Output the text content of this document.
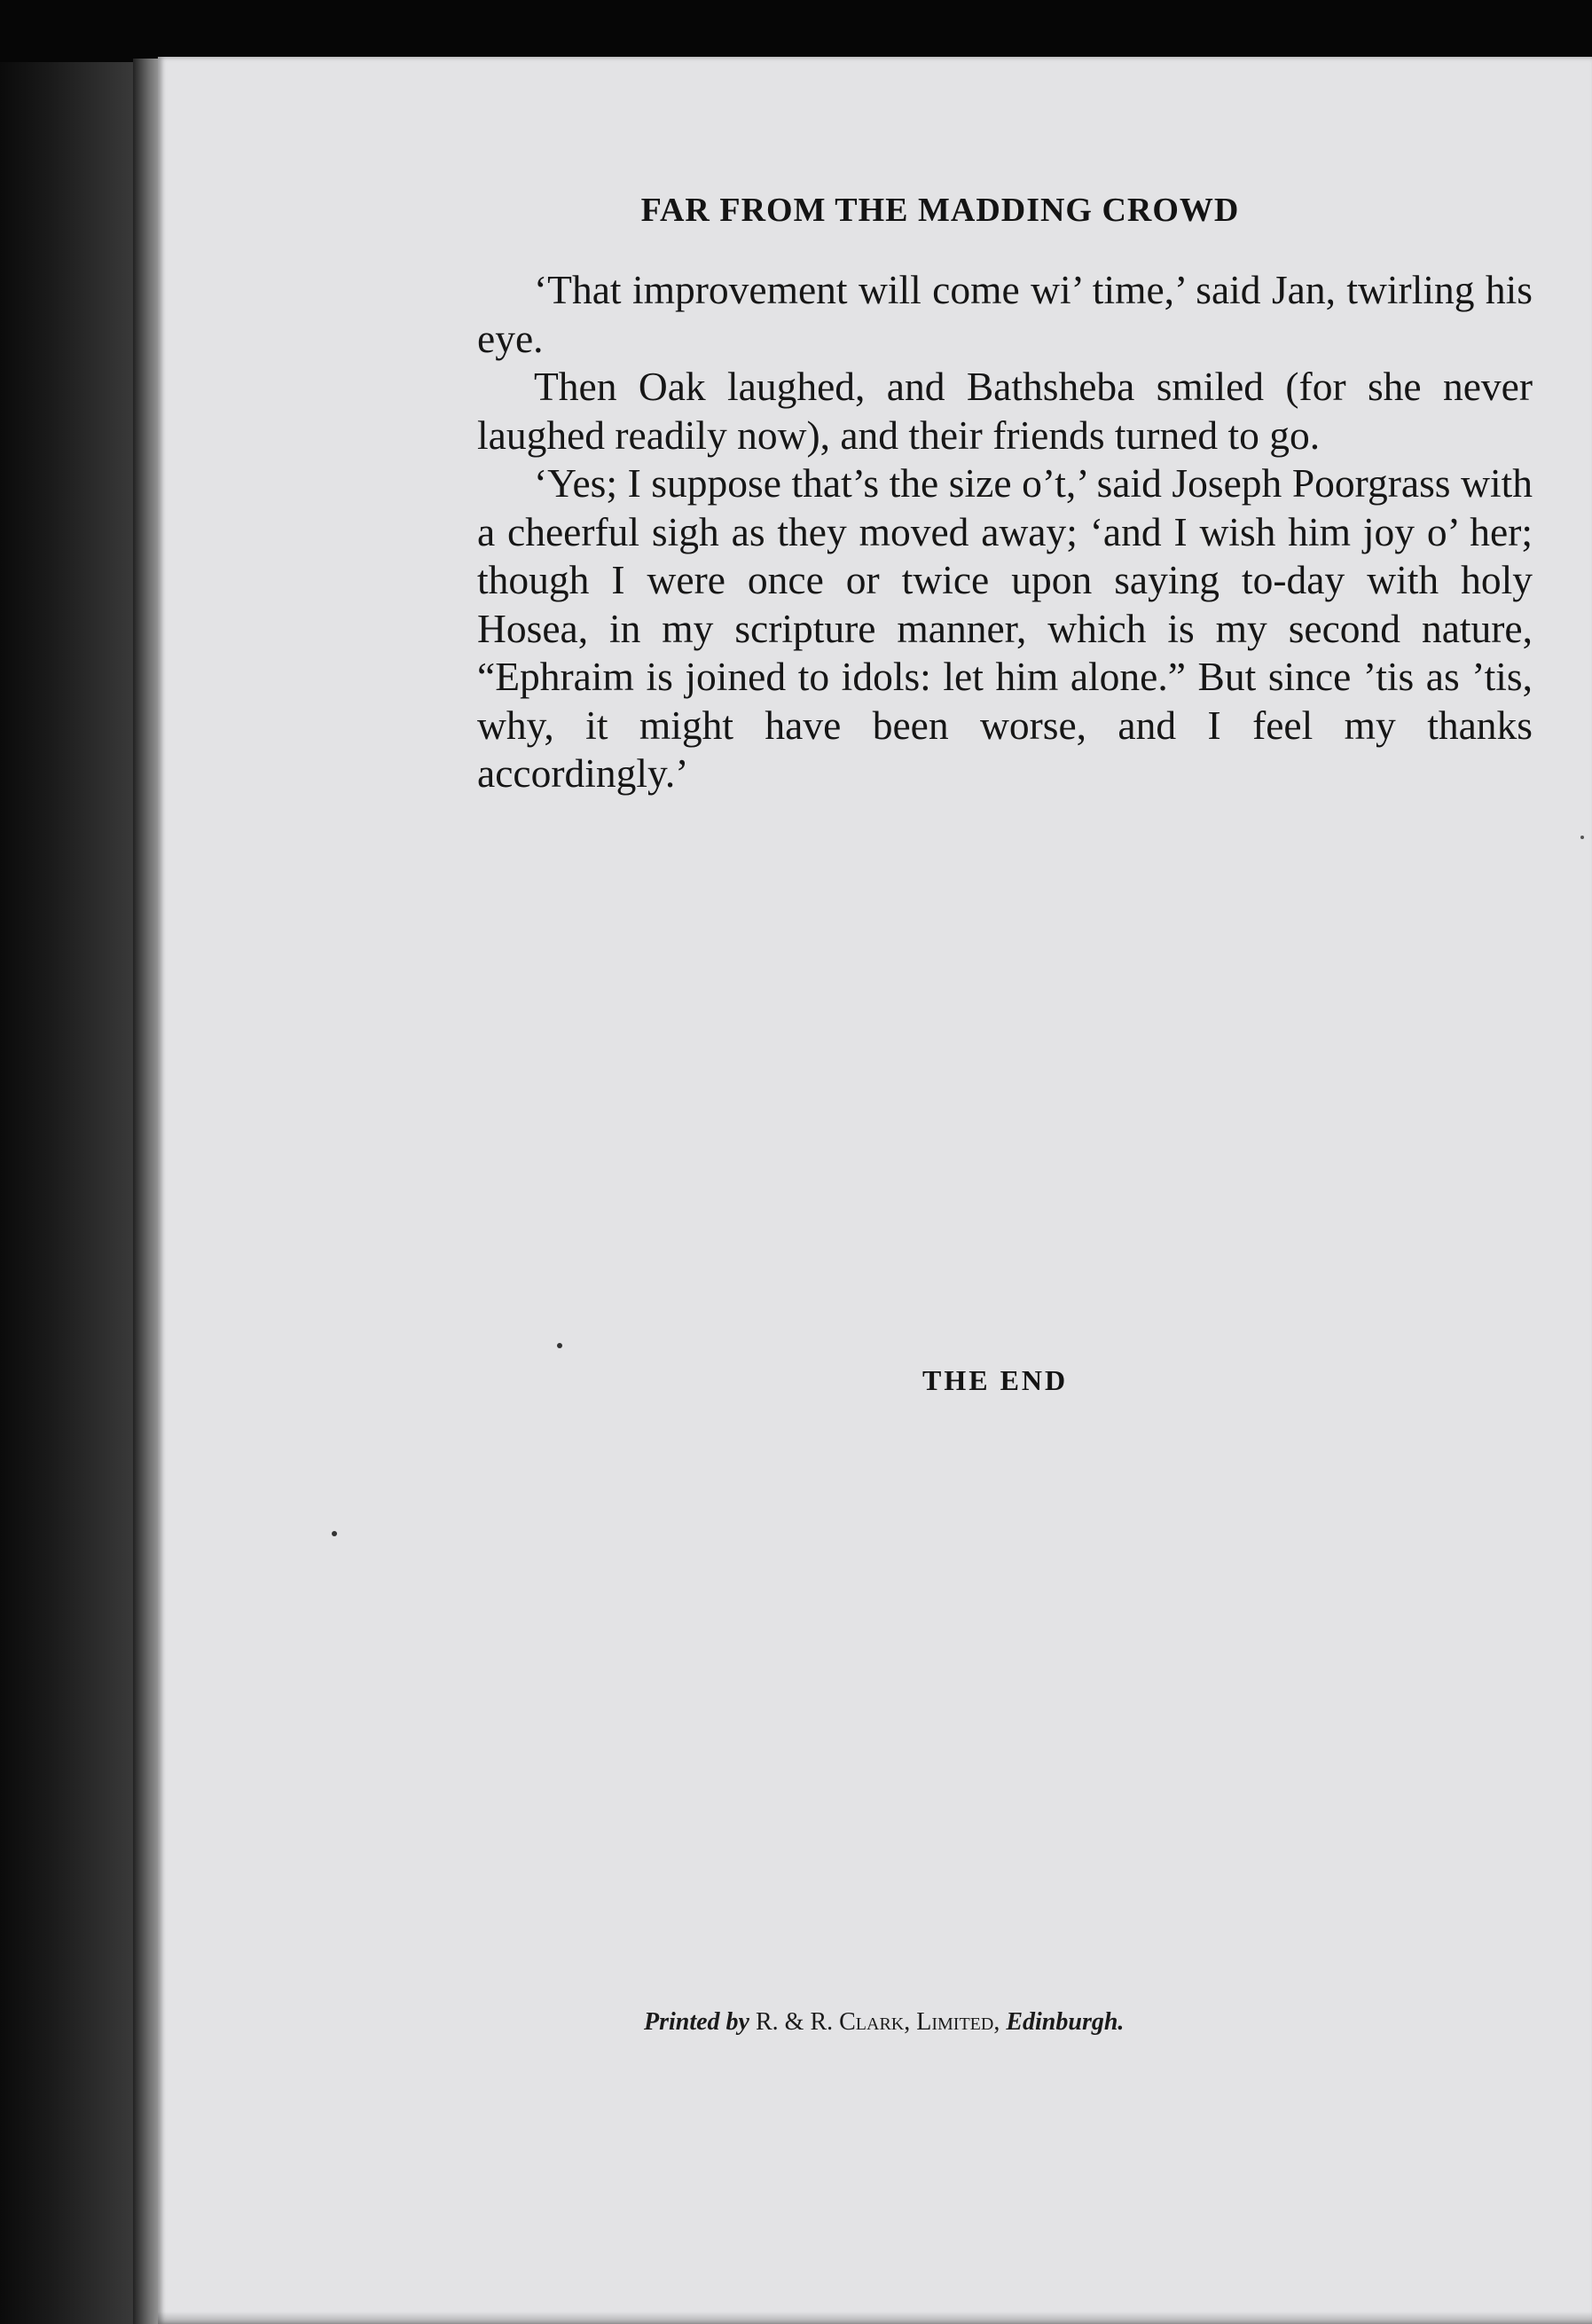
FAR FROM THE MADDING CROWD

‘That improvement will come wi’ time,’ said Jan, twirling his eye.

Then Oak laughed, and Bathsheba smiled (for she never laughed readily now), and their friends turned to go.

‘Yes; I suppose that’s the size o’t,’ said Joseph Poorgrass with a cheerful sigh as they moved away; ‘and I wish him joy o’ her; though I were once or twice upon saying to-day with holy Hosea, in my scripture manner, which is my second nature, “Ephraim is joined to idols: let him alone.” But since ’tis as ’tis, why, it might have been worse, and I feel my thanks accordingly.’

THE END
Printed by R. & R. Clark, Limited, Edinburgh.
